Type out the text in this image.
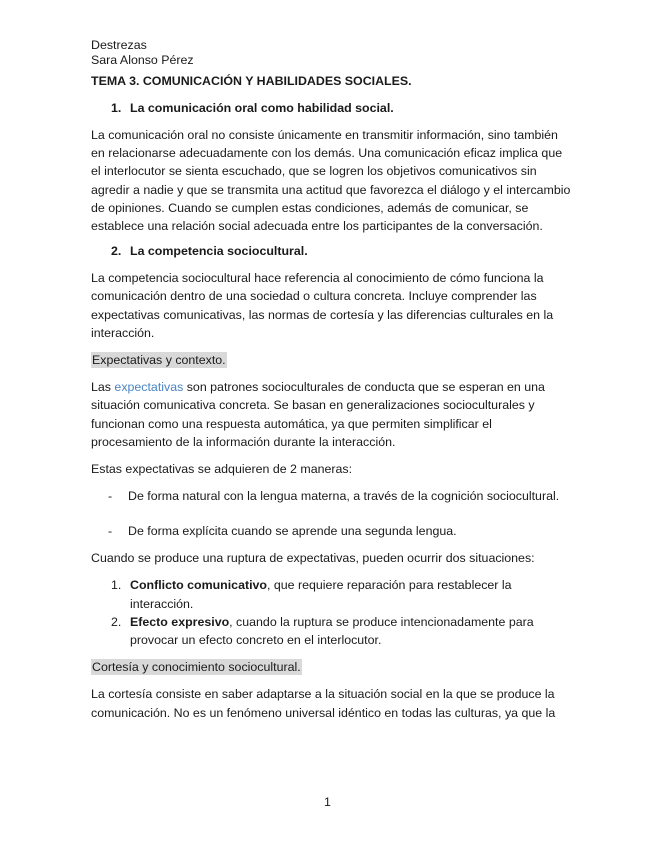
Destrezas
Sara Alonso Pérez
TEMA 3. COMUNICACIÓN Y HABILIDADES SOCIALES.
1. La comunicación oral como habilidad social.

La comunicación oral no consiste únicamente en transmitir información, sino también en relacionarse adecuadamente con los demás. Una comunicación eficaz implica que el interlocutor se sienta escuchado, que se logren los objetivos comunicativos sin agredir a nadie y que se transmita una actitud que favorezca el diálogo y el intercambio de opiniones. Cuando se cumplen estas condiciones, además de comunicar, se establece una relación social adecuada entre los participantes de la conversación.

2. La competencia sociocultural.

La competencia sociocultural hace referencia al conocimiento de cómo funciona la comunicación dentro de una sociedad o cultura concreta. Incluye comprender las expectativas comunicativas, las normas de cortesía y las diferencias culturales en la interacción.

Expectativas y contexto.

Las expectativas son patrones socioculturales de conducta que se esperan en una situación comunicativa concreta. Se basan en generalizaciones socioculturales y funcionan como una respuesta automática, ya que permiten simplificar el procesamiento de la información durante la interacción.

Estas expectativas se adquieren de 2 maneras:

-	De forma natural con la lengua materna, a través de la cognición sociocultural.
-	De forma explícita cuando se aprende una segunda lengua.

Cuando se produce una ruptura de expectativas, pueden ocurrir dos situaciones:

1. Conflicto comunicativo, que requiere reparación para restablecer la interacción.
2. Efecto expresivo, cuando la ruptura se produce intencionadamente para provocar un efecto concreto en el interlocutor.

Cortesía y conocimiento sociocultural.

La cortesía consiste en saber adaptarse a la situación social en la que se produce la comunicación. No es un fenómeno universal idéntico en todas las culturas, ya que la

1
